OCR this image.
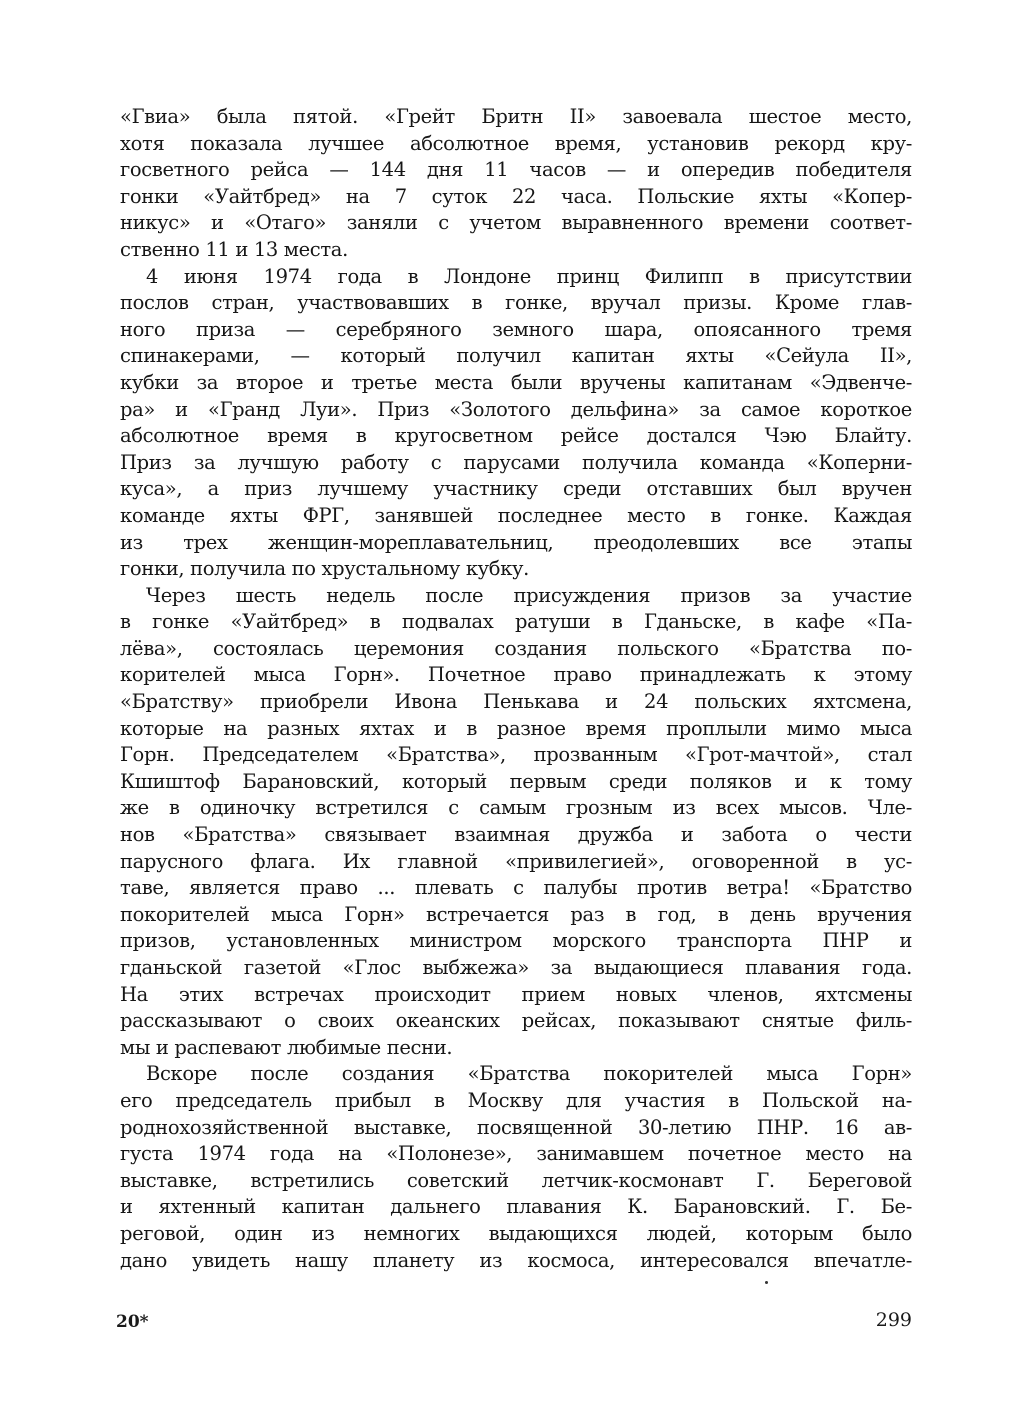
«Гвиа» была пятой. «Грейт Бритн II» завоевала шестое место,
хотя показала лучшее абсолютное время, установив рекорд кру-
госветного рейса — 144 дня 11 часов — и опередив победителя
гонки «Уайтбред» на 7 суток 22 часа. Польские яхты «Копер-
никус» и «Отаго» заняли с учетом выравненного времени соответ-
ственно 11 и 13 места.
4 июня 1974 года в Лондоне принц Филипп в присутствии
послов стран, участвовавших в гонке, вручал призы. Кроме глав-
ного приза — серебряного земного шара, опоясанного тремя
спинакерами, — который получил капитан яхты «Сейула II»,
кубки за второе и третье места были вручены капитанам «Эдвенче-
ра» и «Гранд Луи». Приз «Золотого дельфина» за самое короткое
абсолютное время в кругосветном рейсе достался Чэю Блайту.
Приз за лучшую работу с парусами получила команда «Коперни-
куса», а приз лучшему участнику среди отставших был вручен
команде яхты ФРГ, занявшей последнее место в гонке. Каждая
из трех женщин-мореплавательниц, преодолевших все этапы
гонки, получила по хрустальному кубку.
Через шесть недель после присуждения призов за участие
в гонке «Уайтбред» в подвалах ратуши в Гданьске, в кафе «Па-
лёва», состоялась церемония создания польского «Братства по-
корителей мыса Горн». Почетное право принадлежать к этому
«Братству» приобрели Ивона Пенькава и 24 польских яхтсмена,
которые на разных яхтах и в разное время проплыли мимо мыса
Горн. Председателем «Братства», прозванным «Грот-мачтой», стал
Кшиштоф Барановский, который первым среди поляков и к тому
же в одиночку встретился с самым грозным из всех мысов. Чле-
нов «Братства» связывает взаимная дружба и забота о чести
парусного флага. Их главной «привилегией», оговоренной в ус-
таве, является право ... плевать с палубы против ветра! «Братство
покорителей мыса Горн» встречается раз в год, в день вручения
призов, установленных министром морского транспорта ПНР и
гданьской газетой «Глос выбжежа» за выдающиеся плавания года.
На этих встречах происходит прием новых членов, яхтсмены
рассказывают о своих океанских рейсах, показывают снятые филь-
мы и распевают любимые песни.
Вскоре после создания «Братства покорителей мыса Горн»
его председатель прибыл в Москву для участия в Польской на-
роднохозяйственной выставке, посвященной 30-летию ПНР. 16 ав-
густа 1974 года на «Полонезе», занимавшем почетное место на
выставке, встретились советский летчик-космонавт Г. Береговой
и яхтенный капитан дальнего плавания К. Барановский. Г. Бе-
реговой, один из немногих выдающихся людей, которым было
дано увидеть нашу планету из космоса, интересовался впечатле-
20*	299
